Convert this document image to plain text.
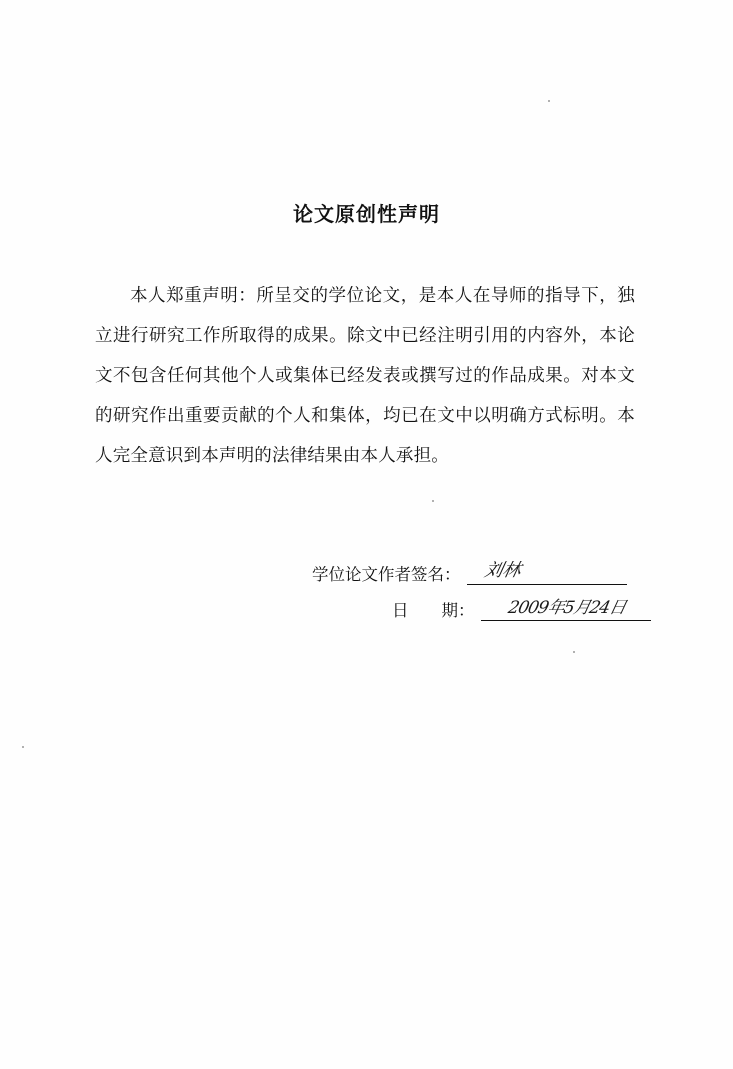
论文原创性声明
本人郑重声明：所呈交的学位论文，是本人在导师的指导下，独立进行研究工作所取得的成果。除文中已经注明引用的内容外，本论文不包含任何其他个人或集体已经发表或撰写过的作品成果。对本文的研究作出重要贡献的个人和集体，均已在文中以明确方式标明。本人完全意识到本声明的法律结果由本人承担。
学位论文作者签名： 刘林
日　　期： 2009年5月24日
